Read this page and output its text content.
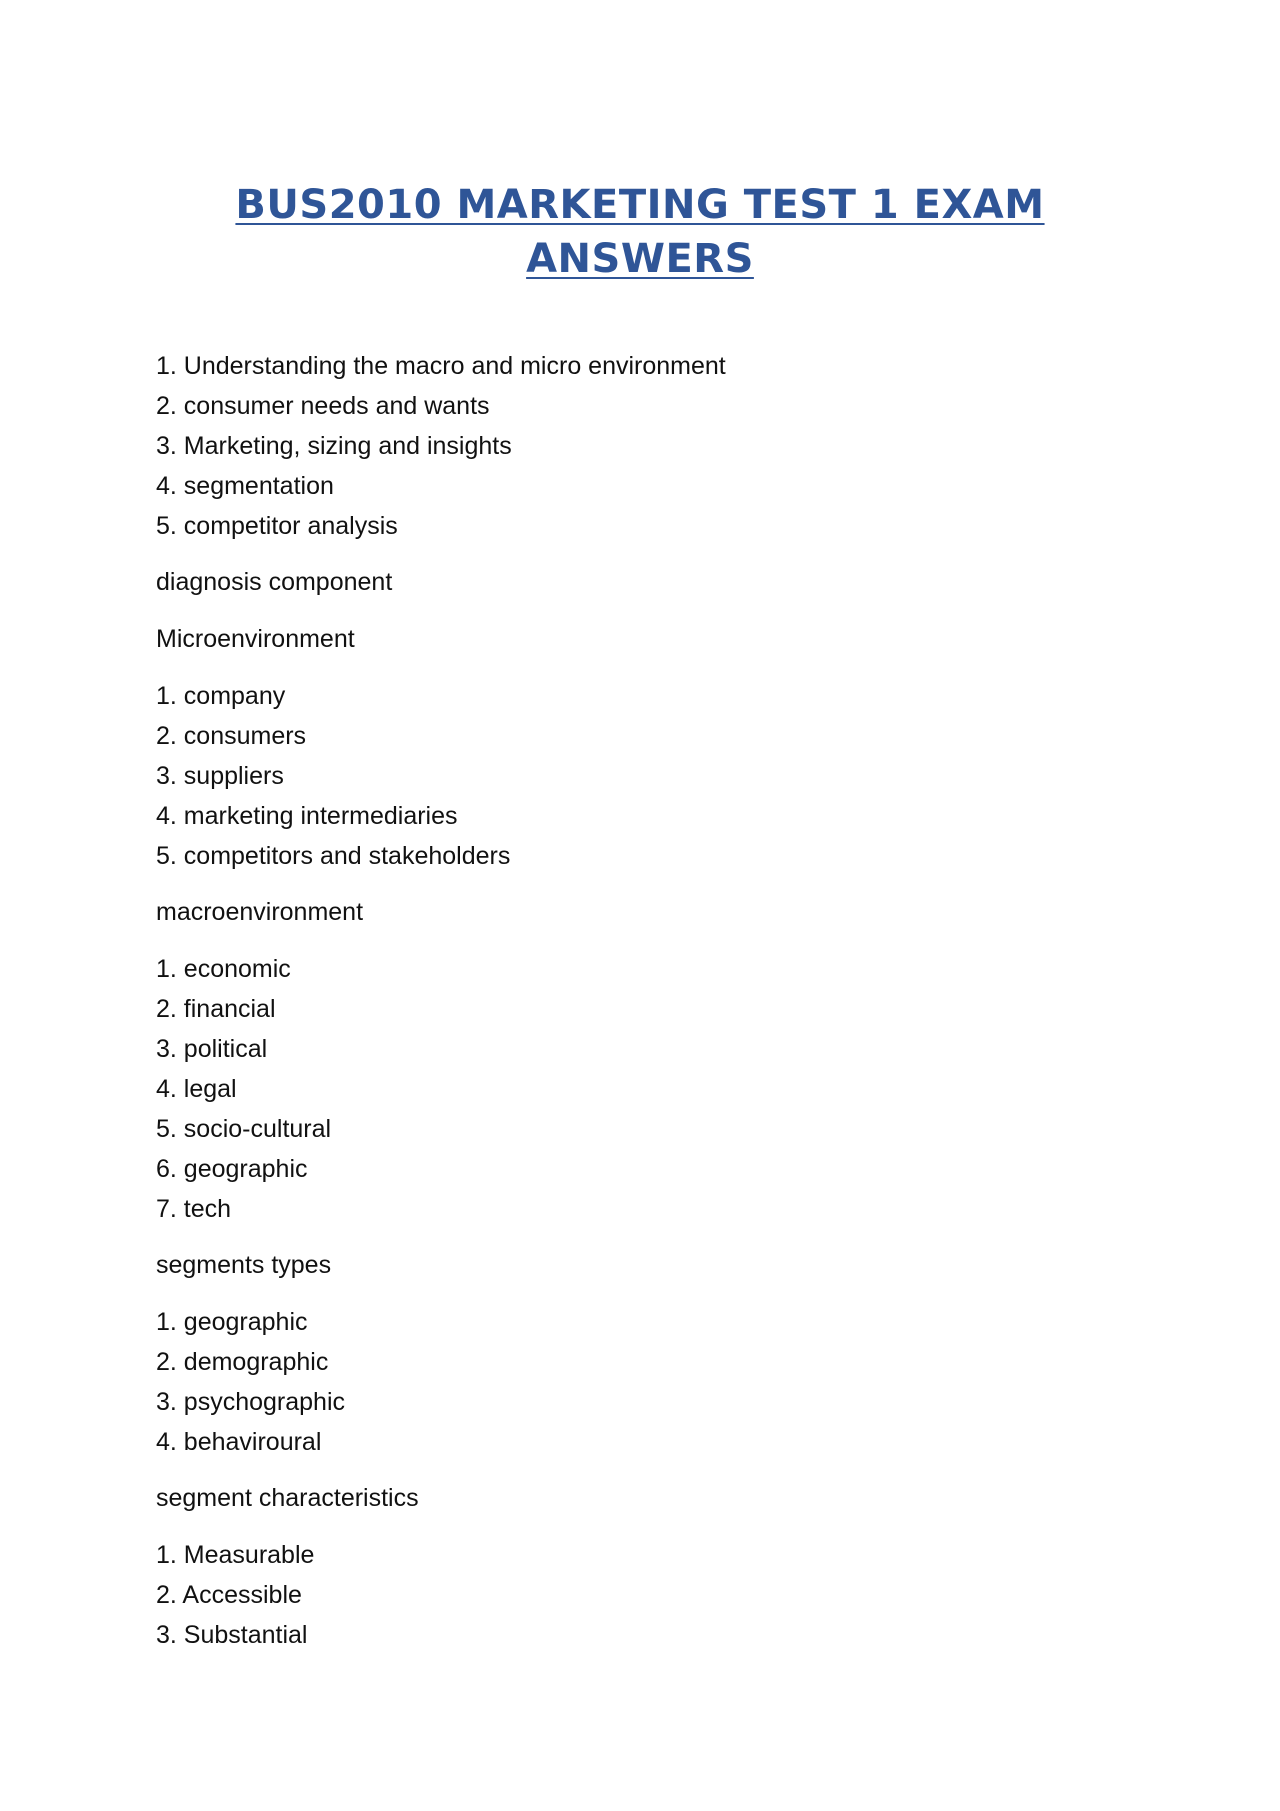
BUS2010 MARKETING TEST 1 EXAM
ANSWERS
1. Understanding the macro and micro environment
2. consumer needs and wants
3. Marketing, sizing and insights
4. segmentation
5. competitor analysis
diagnosis component
Microenvironment
1. company
2. consumers
3. suppliers
4. marketing intermediaries
5. competitors and stakeholders
macroenvironment
1. economic
2. financial
3. political
4. legal
5. socio-cultural
6. geographic
7. tech
segments types
1. geographic
2. demographic
3. psychographic
4. behaviroural
segment characteristics
1. Measurable
2. Accessible
3. Substantial
